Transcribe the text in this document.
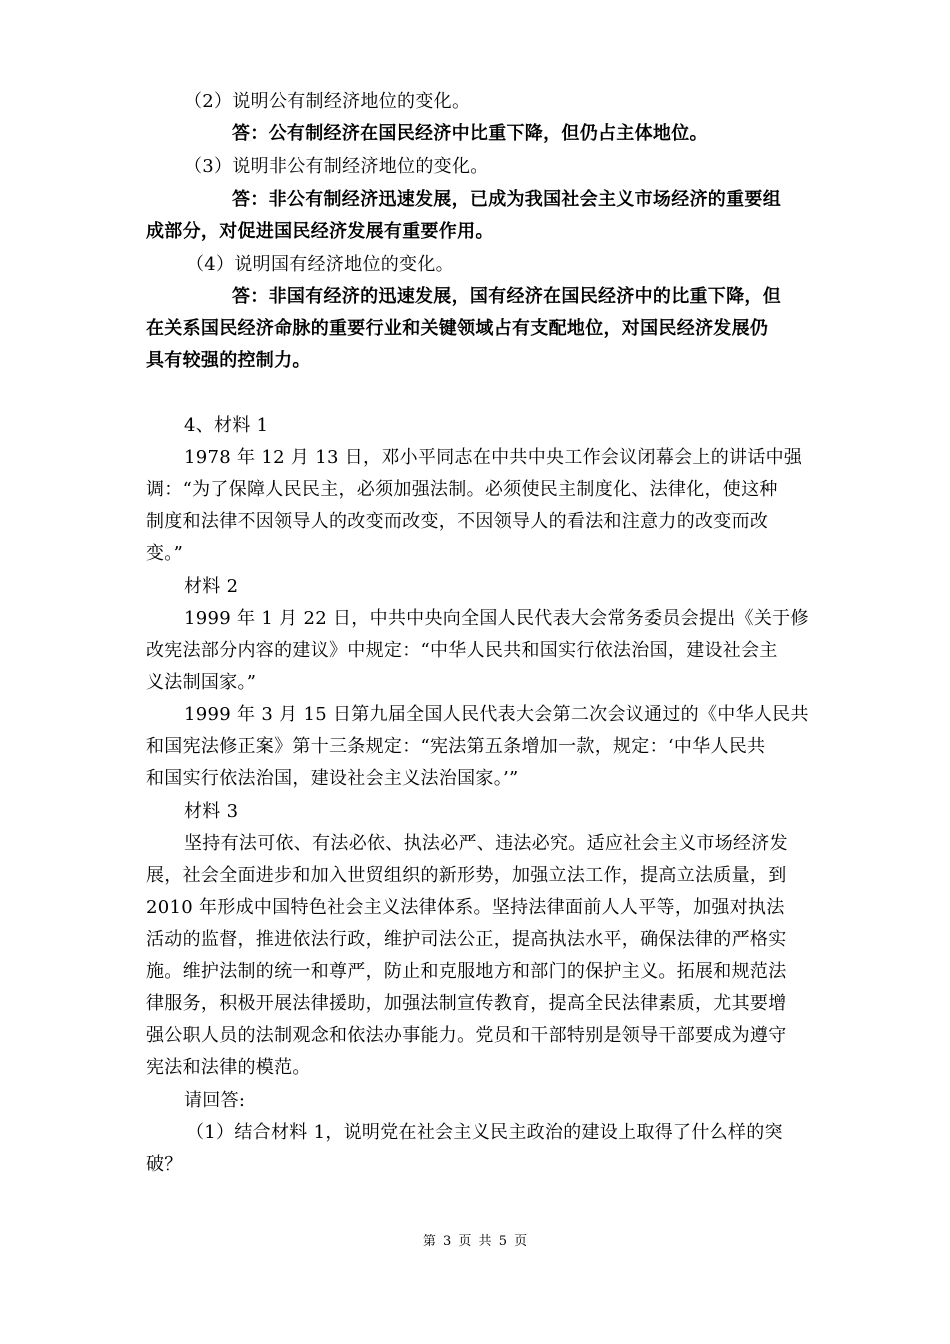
（2）说明公有制经济地位的变化。
答：公有制经济在国民经济中比重下降，但仍占主体地位。
（3）说明非公有制经济地位的变化。
答：非公有制经济迅速发展，已成为我国社会主义市场经济的重要组
成部分，对促进国民经济发展有重要作用。
（4）说明国有经济地位的变化。
答：非国有经济的迅速发展，国有经济在国民经济中的比重下降，但
在关系国民经济命脉的重要行业和关键领域占有支配地位，对国民经济发展仍
具有较强的控制力。
4、材料 1
1978 年 12 月 13 日，邓小平同志在中共中央工作会议闭幕会上的讲话中强
调：“为了保障人民民主，必须加强法制。必须使民主制度化、法律化，使这种
制度和法律不因领导人的改变而改变，不因领导人的看法和注意力的改变而改
变。”
材料 2
1999 年 1 月 22 日，中共中央向全国人民代表大会常务委员会提出《关于修
改宪法部分内容的建议》中规定：“中华人民共和国实行依法治国，建设社会主
义法制国家。”
1999 年 3 月 15 日第九届全国人民代表大会第二次会议通过的《中华人民共
和国宪法修正案》第十三条规定：“宪法第五条增加一款，规定：‘中华人民共
和国实行依法治国，建设社会主义法治国家。’”
材料 3
坚持有法可依、有法必依、执法必严、违法必究。适应社会主义市场经济发
展，社会全面进步和加入世贸组织的新形势，加强立法工作，提高立法质量，到
2010 年形成中国特色社会主义法律体系。坚持法律面前人人平等，加强对执法
活动的监督，推进依法行政，维护司法公正，提高执法水平，确保法律的严格实
施。维护法制的统一和尊严，防止和克服地方和部门的保护主义。拓展和规范法
律服务，积极开展法律援助，加强法制宣传教育，提高全民法律素质，尤其要增
强公职人员的法制观念和依法办事能力。党员和干部特别是领导干部要成为遵守
宪法和法律的模范。
请回答:
（1）结合材料 1，说明党在社会主义民主政治的建设上取得了什么样的突
破？
第 3 页 共 5 页
